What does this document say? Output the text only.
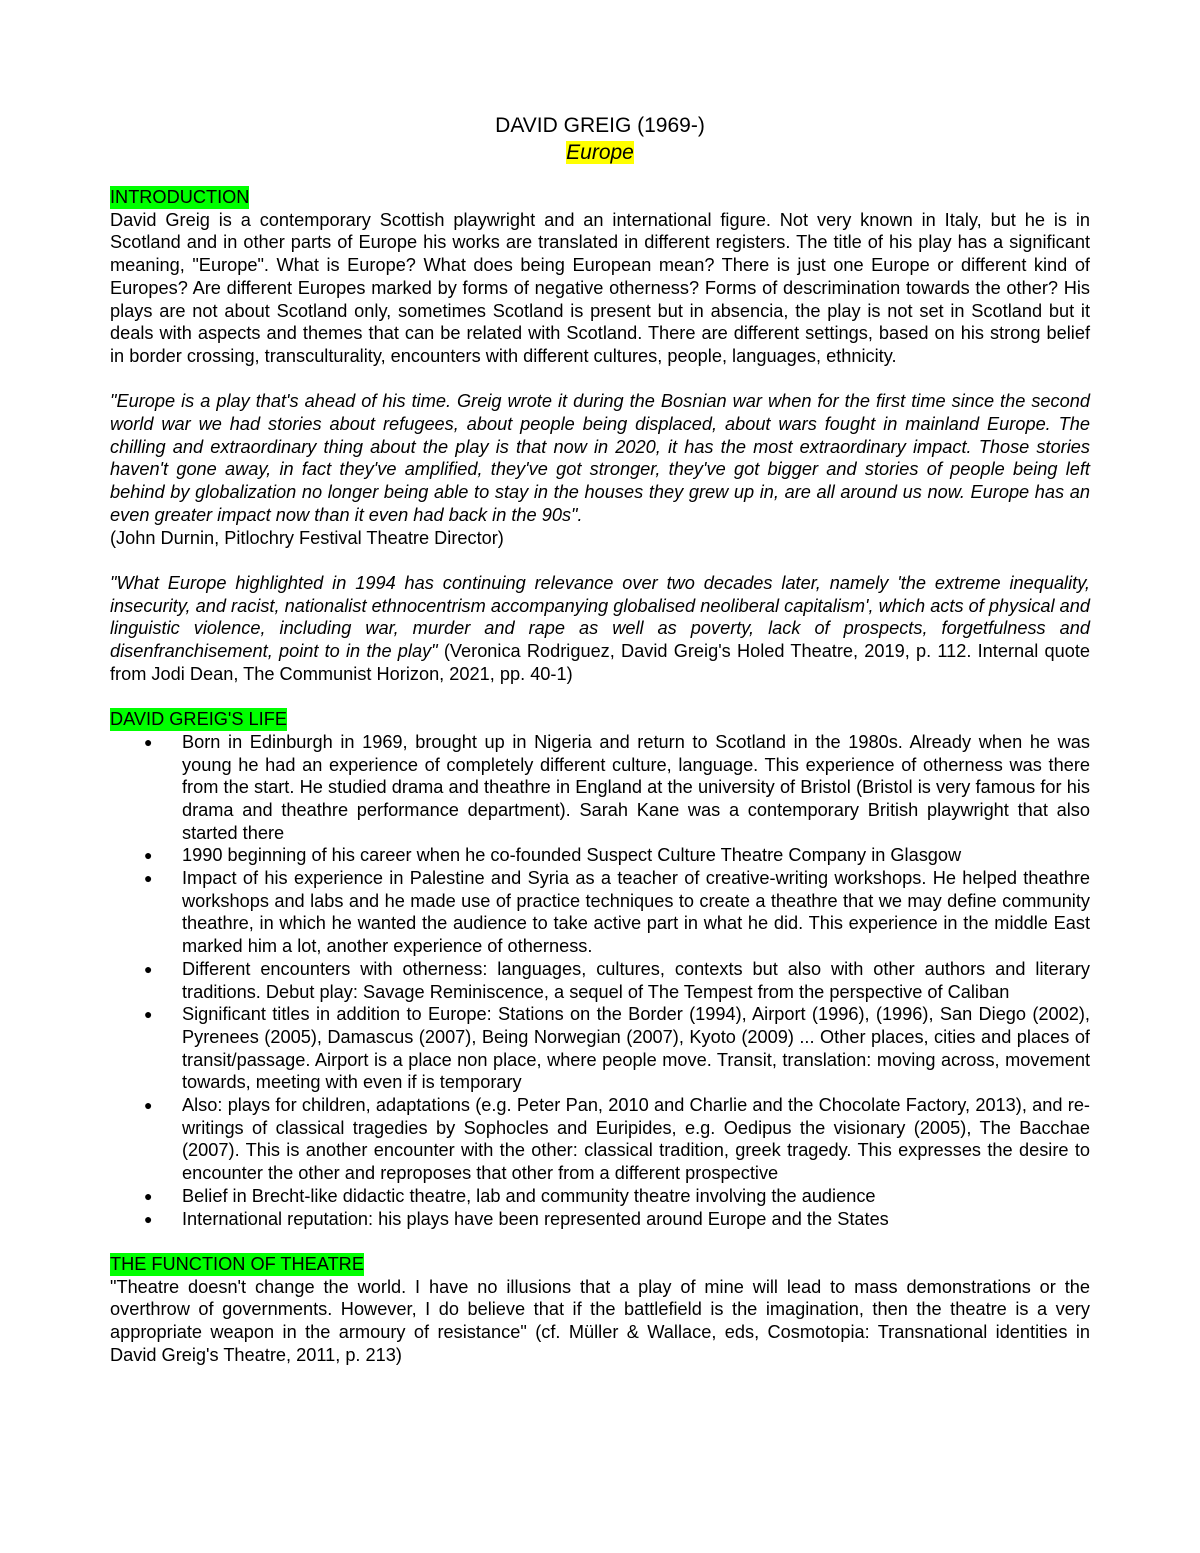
DAVID GREIG (1969-)
Europe
INTRODUCTION

David Greig is a contemporary Scottish playwright and an international figure. Not very known in Italy, but he is in Scotland and in other parts of Europe his works are translated in different registers. The title of his play has a significant meaning, "Europe". What is Europe? What does being European mean? There is just one Europe or different kind of Europes? Are different Europes marked by forms of negative otherness? Forms of descrimination towards the other? His plays are not about Scotland only, sometimes Scotland is present but in absencia, the play is not set in Scotland but it deals with aspects and themes that can be related with Scotland. There are different settings, based on his strong belief in border crossing, transculturality, encounters with different cultures, people, languages, ethnicity.

"Europe is a play that's ahead of his time. Greig wrote it during the Bosnian war when for the first time since the second world war we had stories about refugees, about people being displaced, about wars fought in mainland Europe. The chilling and extraordinary thing about the play is that now in 2020, it has the most extraordinary impact. Those stories haven't gone away, in fact they've amplified, they've got stronger, they've got bigger and stories of people being left behind by globalization no longer being able to stay in the houses they grew up in, are all around us now. Europe has an even greater impact now than it even had back in the 90s".

(John Durnin, Pitlochry Festival Theatre Director)

"What Europe highlighted in 1994 has continuing relevance over two decades later, namely 'the extreme inequality, insecurity, and racist, nationalist ethnocentrism accompanying globalised neoliberal capitalism', which acts of physical and linguistic violence, including war, murder and rape as well as poverty, lack of prospects, forgetfulness and disenfranchisement, point to in the play" (Veronica Rodriguez, David Greig's Holed Theatre, 2019, p. 112. Internal quote from Jodi Dean, The Communist Horizon, 2021, pp. 40-1)

DAVID GREIG'S LIFE
● Born in Edinburgh in 1969, brought up in Nigeria and return to Scotland in the 1980s. Already when he was young he had an experience of completely different culture, language. This experience of otherness was there from the start. He studied drama and theathre in England at the university of Bristol (Bristol is very famous for his drama and theathre performance department). Sarah Kane was a contemporary British playwright that also started there
● 1990 beginning of his career when he co-founded Suspect Culture Theatre Company in Glasgow
● Impact of his experience in Palestine and Syria as a teacher of creative-writing workshops. He helped theathre workshops and labs and he made use of practice techniques to create a theathre that we may define community theathre, in which he wanted the audience to take active part in what he did. This experience in the middle East marked him a lot, another experience of otherness.
● Different encounters with otherness: languages, cultures, contexts but also with other authors and literary traditions. Debut play: Savage Reminiscence, a sequel of The Tempest from the perspective of Caliban
● Significant titles in addition to Europe: Stations on the Border (1994), Airport (1996), (1996), San Diego (2002), Pyrenees (2005), Damascus (2007), Being Norwegian (2007), Kyoto (2009) ... Other places, cities and places of transit/passage. Airport is a place non place, where people move. Transit, translation: moving across, movement towards, meeting with even if is temporary
● Also: plays for children, adaptations (e.g. Peter Pan, 2010 and Charlie and the Chocolate Factory, 2013), and re-writings of classical tragedies by Sophocles and Euripides, e.g. Oedipus the visionary (2005), The Bacchae (2007). This is another encounter with the other: classical tradition, greek tragedy. This expresses the desire to encounter the other and reproposes that other from a different prospective
● Belief in Brecht-like didactic theatre, lab and community theatre involving the audience
● International reputation: his plays have been represented around Europe and the States
THE FUNCTION OF THEATRE

"Theatre doesn't change the world. I have no illusions that a play of mine will lead to mass demonstrations or the overthrow of governments. However, I do believe that if the battlefield is the imagination, then the theatre is a very appropriate weapon in the armoury of resistance" (cf. Müller & Wallace, eds, Cosmotopia: Transnational identities in David Greig's Theatre, 2011, p. 213)
